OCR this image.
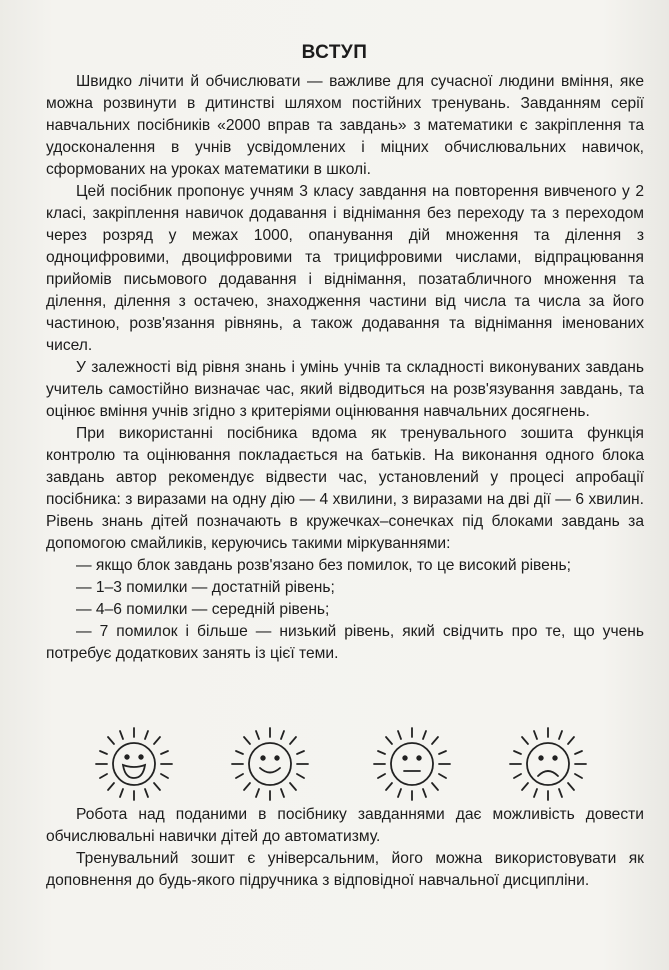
ВСТУП

Швидко лічити й обчислювати — важливе для сучасної людини вміння, яке можна розвинути в дитинстві шляхом постійних тренувань. Завданням серії навчальних посібників «2000 вправ та завдань» з математики є закріплення та удосконалення в учнів усвідомлених і міцних обчислювальних навичок, сформованих на уроках математики в школі.

Цей посібник пропонує учням 3 класу завдання на повторення вивченого у 2 класі, закріплення навичок додавання і віднімання без переходу та з переходом через розряд у межах 1000, опанування дій множення та ділення з одноцифровими, двоцифровими та трицифровими числами, відпрацювання прийомів письмового додавання і віднімання, позатабличного множення та ділення, ділення з остачею, знаходження частини від числа та числа за його частиною, розв'язання рівнянь, а також додавання та віднімання іменованих чисел.

У залежності від рівня знань і умінь учнів та складності виконуваних завдань учитель самостійно визначає час, який відводиться на розв'язування завдань, та оцінює вміння учнів згідно з критеріями оцінювання навчальних досягнень.

При використанні посібника вдома як тренувального зошита функція контролю та оцінювання покладається на батьків. На виконання одного блока завдань автор рекомендує відвести час, установлений у процесі апробації посібника: з виразами на одну дію — 4 хвилини, з виразами на дві дії — 6 хвилин. Рівень знань дітей позначають в кружечках–сонечках під блоками завдань за допомогою смайликів, керуючись такими міркуваннями:

— якщо блок завдань розв'язано без помилок, то це високий рівень;

— 1–3 помилки — достатній рівень;

— 4–6 помилки — середній рівень;

— 7 помилок і більше — низький рівень, який свідчить про те, що учень потребує додаткових занять із цієї теми.

Робота над поданими в посібнику завданнями дає можливість довести обчислювальні навички дітей до автоматизму.

Тренувальний зошит є універсальним, його можна використовувати як доповнення до будь-якого підручника з відповідної навчальної дисципліни.
